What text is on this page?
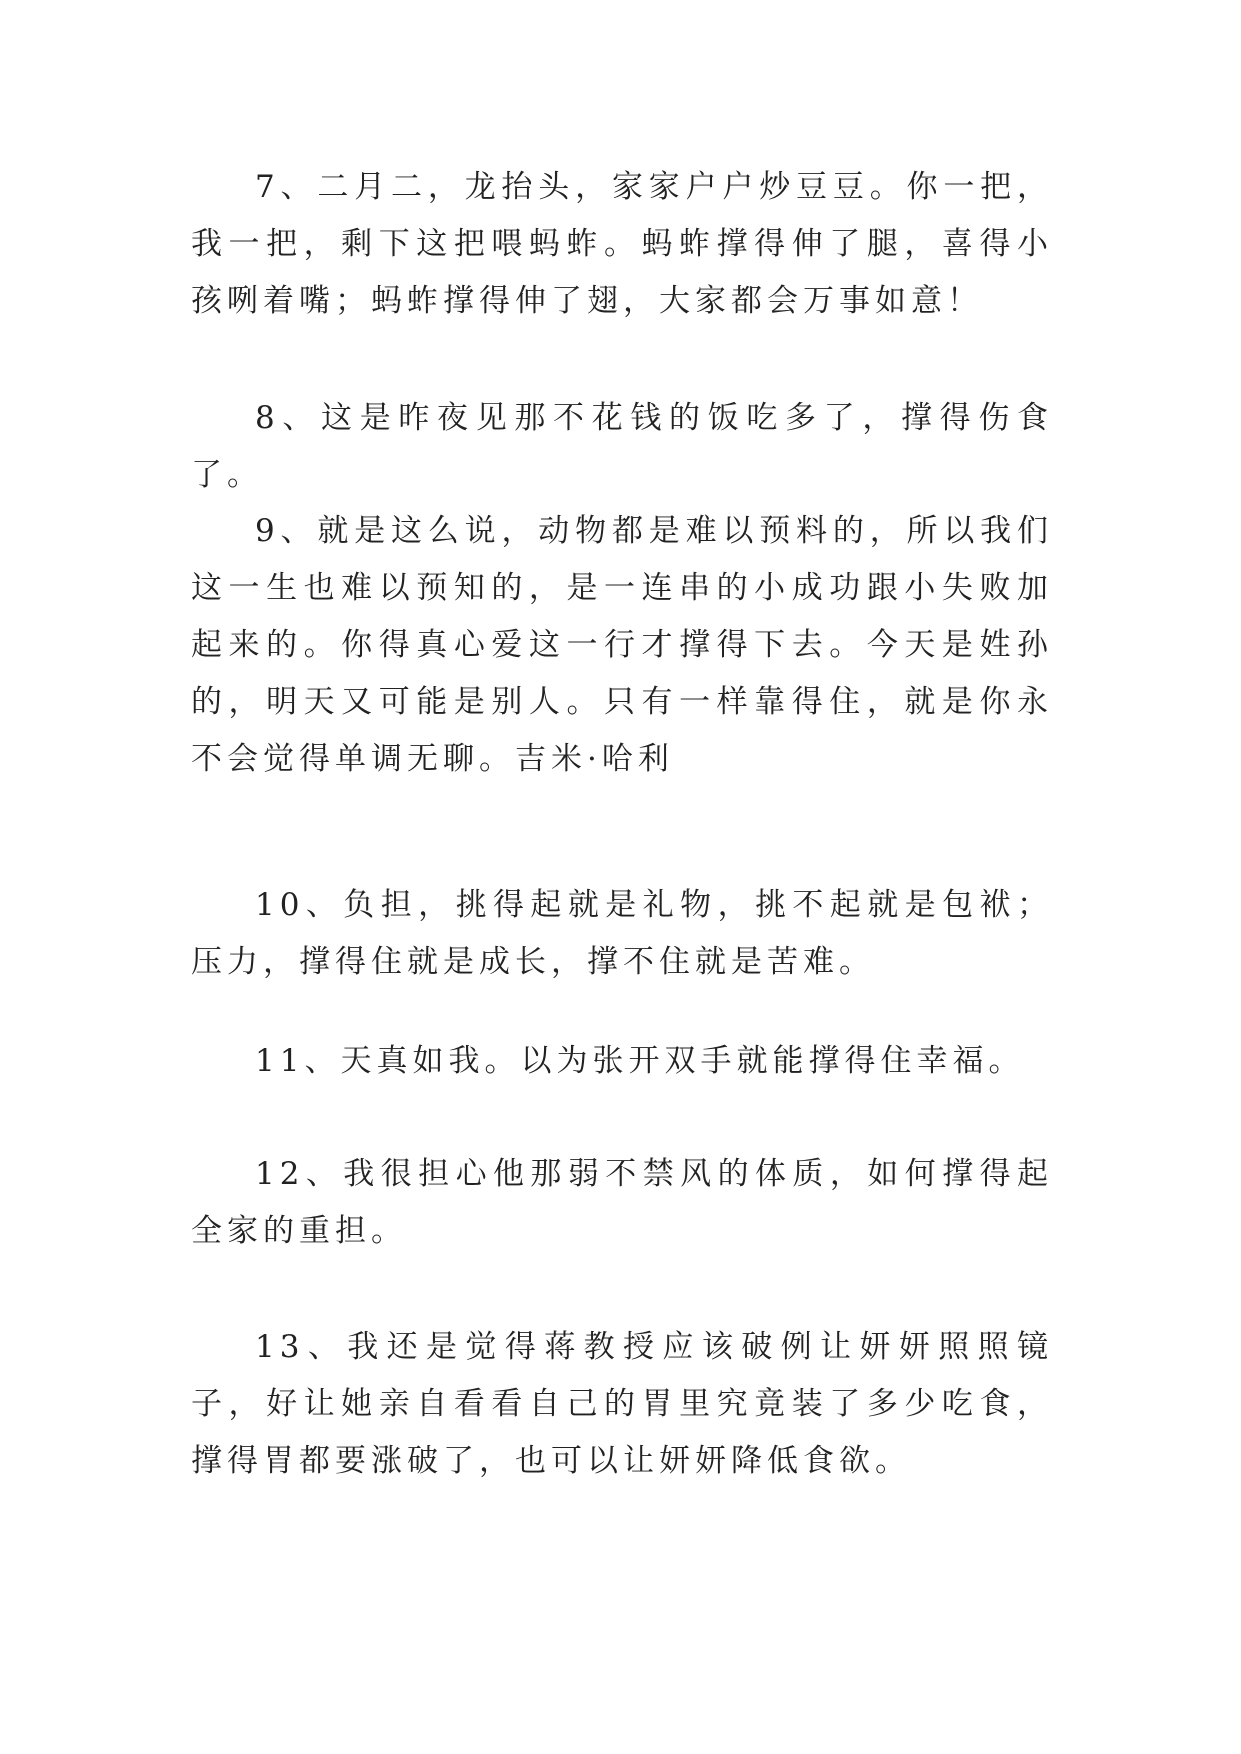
7、二月二，龙抬头，家家户户炒豆豆。你一把，我一把，剩下这把喂蚂蚱。蚂蚱撑得伸了腿，喜得小孩咧着嘴；蚂蚱撑得伸了翅，大家都会万事如意！

8、这是昨夜见那不花钱的饭吃多了，撑得伤食了。

9、就是这么说，动物都是难以预料的，所以我们这一生也难以预知的，是一连串的小成功跟小失败加起来的。你得真心爱这一行才撑得下去。今天是姓孙的，明天又可能是别人。只有一样靠得住，就是你永不会觉得单调无聊。吉米·哈利

10、负担，挑得起就是礼物，挑不起就是包袱；压力，撑得住就是成长，撑不住就是苦难。

11、天真如我。以为张开双手就能撑得住幸福。

12、我很担心他那弱不禁风的体质，如何撑得起全家的重担。

13、我还是觉得蒋教授应该破例让妍妍照照镜子，好让她亲自看看自己的胃里究竟装了多少吃食，撑得胃都要涨破了，也可以让妍妍降低食欲。
